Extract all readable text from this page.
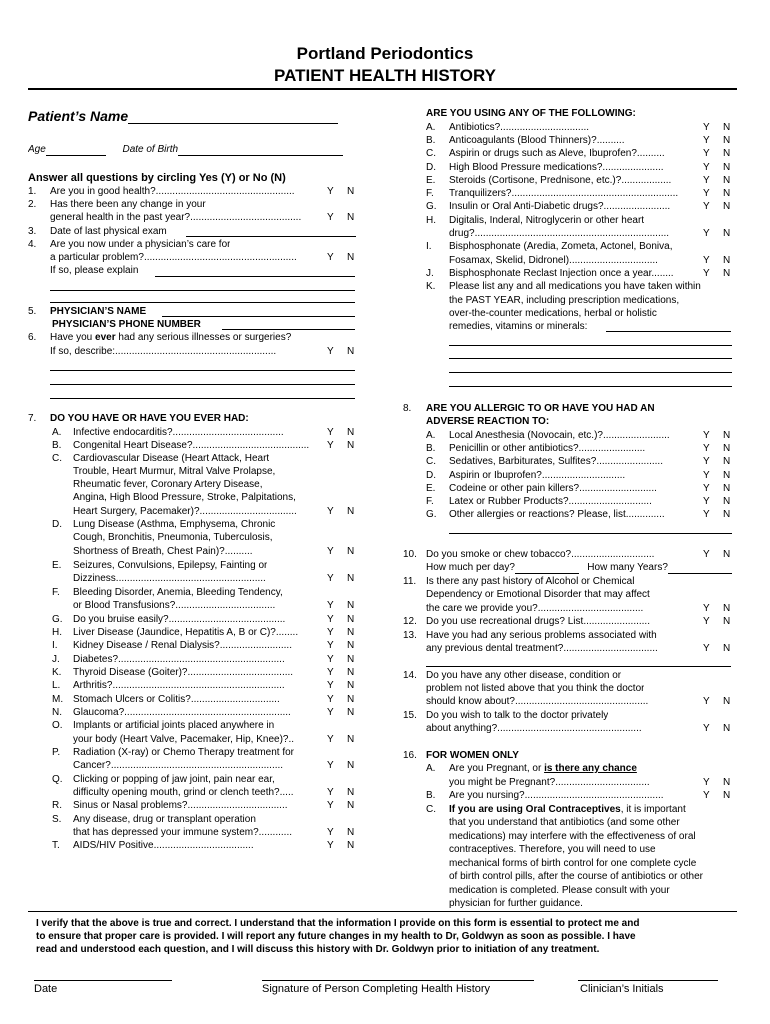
Portland Periodontics
PATIENT HEALTH HISTORY
Patient’s Name
Age	Date of Birth
Answer all questions by circling Yes (Y) or No (N)
1.	Are you in good health?..................................................	Y N
2.	Has there been any change in your
general health in the past year?........................................	Y N
3.	Date of last physical exam
4.	Are you now under a physician’s care for
a particular problem?.......................................................	Y N
If so, please explain
5.	PHYSICIAN’S NAME
PHYSICIAN’S PHONE NUMBER
6.	Have you ever had any serious illnesses or surgeries?
If so, describe:..........................................................	Y N
7.	DO YOU HAVE OR HAVE YOU EVER HAD:
A.	Infective endocarditis?........................................	Y N
B.	Congenital Heart Disease?.......................................... Y N
C.	Cardiovascular Disease (Heart Attack, Heart
Trouble, Heart Murmur, Mitral Valve Prolapse,
Rheumatic fever, Coronary Artery Disease,
Angina, High Blood Pressure, Stroke, Palpitations,
Heart Surgery, Pacemaker)?...................................	Y N
D.	Lung Disease (Asthma, Emphysema, Chronic
Cough, Bronchitis, Pneumonia, Tuberculosis,
Shortness of Breath, Chest Pain)?..........	Y N
E.	Seizures, Convulsions, Epilepsy, Fainting or
Dizziness......................................................	Y N
F.	Bleeding Disorder, Anemia, Bleeding Tendency,
or Blood Transfusions?....................................	Y N
G.	Do you bruise easily?..........................................	Y N
H.	Liver Disease (Jaundice, Hepatitis A, B or C)?........	Y N
I.	Kidney Disease / Renal Dialysis?..........................	Y N
J.	Diabetes?............................................................	Y N
K.	Thyroid Disease (Goiter)?......................................	Y N
L.	Arthritis?..............................................................	Y N
M. Stomach Ulcers or Colitis?................................	Y N
N.	Glaucoma?............................................................	Y N
O.	Implants or artificial joints placed anywhere in
your body (Heart Valve, Pacemaker, Hip, Knee)?..	Y N
P.	Radiation (X-ray) or Chemo Therapy treatment for
Cancer?..............................................................	Y N
Q.	Clicking or popping of jaw joint, pain near ear,
difficulty opening mouth, grind or clench teeth?.....	Y N
R.	Sinus or Nasal problems?....................................	Y N
S.	Any disease, drug or transplant operation
that has depressed your immune system?............	Y N
T.	AIDS/HIV Positive....................................	Y N
ARE YOU USING ANY OF THE FOLLOWING:
A.	Antibiotics?................................	Y N
B.	Anticoagulants (Blood Thinners)?..........	Y N
C.	Aspirin or drugs such as Aleve, Ibuprofen?..........	Y N
D.	High Blood Pressure medications?......................	Y N
E.	Steroids (Cortisone, Prednisone, etc.)?..................	Y N
F.	Tranquilizers?............................................................ Y N
G.	Insulin or Oral Anti-Diabetic drugs?........................	Y N
H.	Digitalis, Inderal, Nitroglycerin or other heart
drug?......................................................................	Y N
I.	Bisphosphonate (Aredia, Zometa, Actonel, Boniva,
Fosamax, Skelid, Didronel)................................	Y N
J.	Bisphosphonate Reclast Injection once a year........	Y N
K.	Please list any and all medications you have taken within
the PAST YEAR, including prescription medications,
over-the-counter medications, herbal or holistic
remedies, vitamins or minerals:
8.	ARE YOU ALLERGIC TO OR HAVE YOU HAD AN
ADVERSE REACTION TO:
A.	Local Anesthesia (Novocain, etc.)?........................	Y N
B.	Penicillin or other antibiotics?........................	Y N
C.	Sedatives, Barbiturates, Sulfites?........................	Y N
D.	Aspirin or Ibuprofen?..............................	Y N
E.	Codeine or other pain killers?............................	Y N
F.	Latex or Rubber Products?..............................	Y N
G.	Other allergies or reactions? Please, list..............	Y N
10. Do you smoke or chew tobacco?..............................	Y N
How much per day?	How many Years?
11. Is there any past history of Alcohol or Chemical
Dependency or Emotional Disorder that may affect
the care we provide you?......................................	Y N
12. Do you use recreational drugs? List........................	Y N
13. Have you had any serious problems associated with
any previous dental treatment?..................................	Y N
14. Do you have any other disease, condition or
problem not listed above that you think the doctor
should know about?................................................	Y N
15. Do you wish to talk to the doctor privately
about anything?....................................................	Y N
16. FOR WOMEN ONLY
A.	Are you Pregnant, or is there any chance
you might be Pregnant?..................................	Y N
B.	Are you nursing?..................................................	Y N
C.	If you are using Oral Contraceptives, it is important
that you understand that antibiotics (and some other
medications) may interfere with the effectiveness of oral
contraceptives. Therefore, you will need to use
mechanical forms of birth control for one complete cycle
of birth control pills, after the course of antibiotics or other
medication is completed. Please consult with your
physician for further guidance.
I verify that the above is true and correct. I understand that the information I provide on this form is essential to protect me and
to ensure that proper care is provided. I will report any future changes in my health to Dr, Goldwyn as soon as possible. I have
read and understood each question, and I will discuss this history with Dr. Goldwyn prior to initiation of any treatment.
Date	Signature of Person Completing Health History	Clinician’s Initials
